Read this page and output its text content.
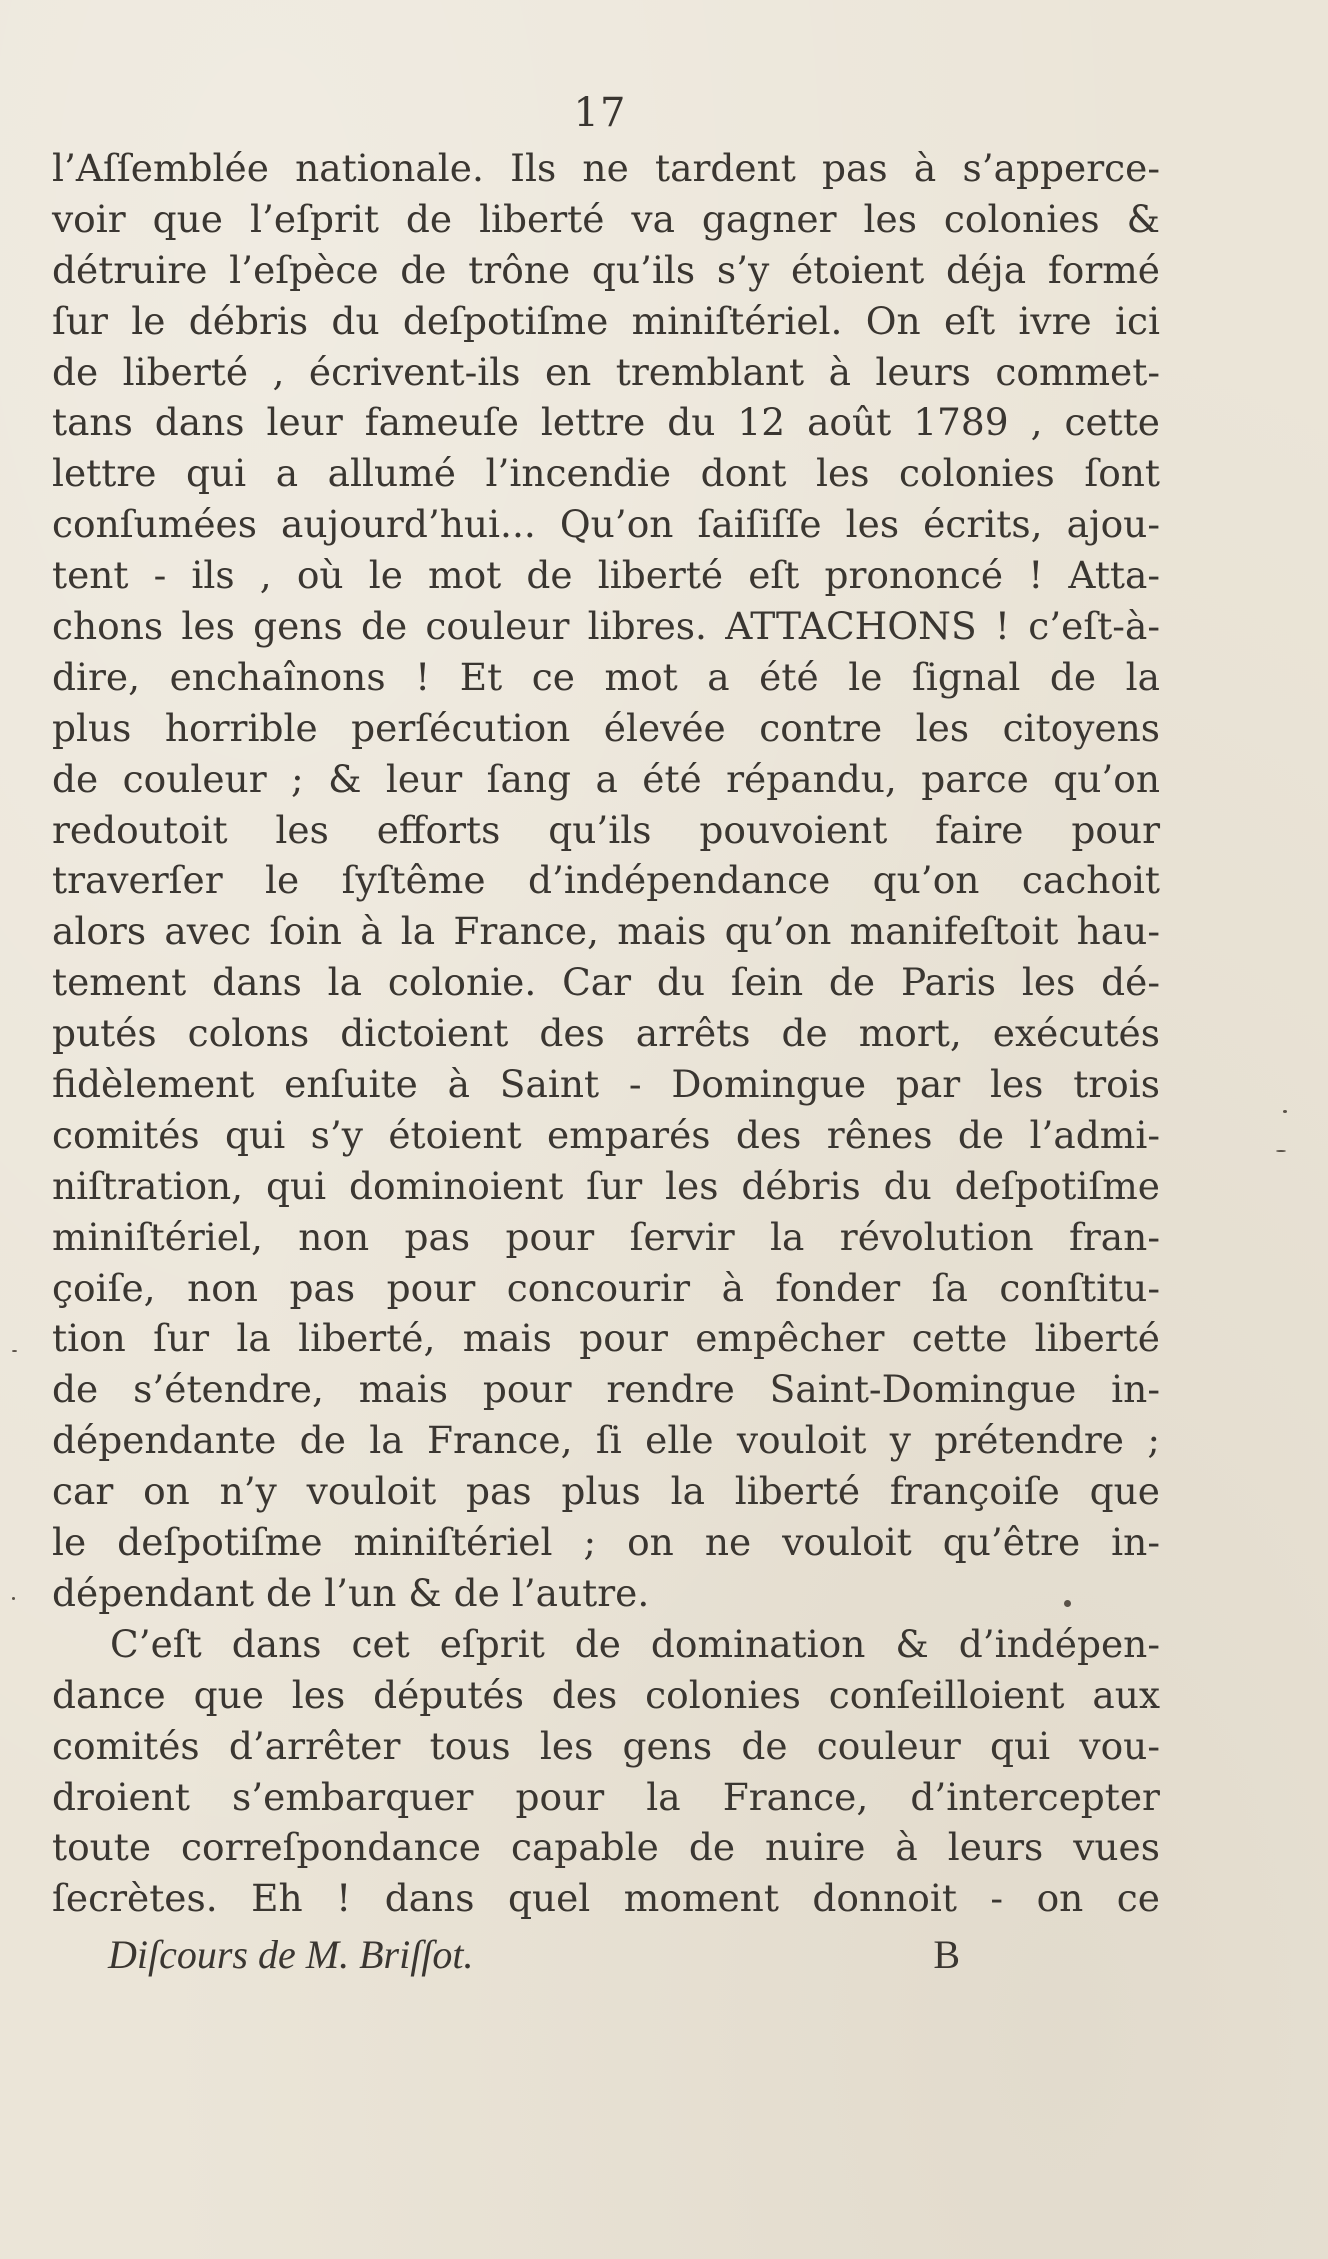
17
l’Aſſemblée nationale. Ils ne tardent pas à s’apperce-
voir que l’eſprit de liberté va gagner les colonies &
détruire l’eſpèce de trône qu’ils s’y étoient déja formé
ſur le débris du deſpotiſme miniſtériel. On eſt ivre ici
de liberté , écrivent-ils en tremblant à leurs commet-
tans dans leur fameuſe lettre du 12 août 1789 , cette
lettre qui a allumé l’incendie dont les colonies ſont
conſumées aujourd’hui... Qu’on ſaiſiſſe les écrits, ajou-
tent - ils , où le mot de liberté eſt prononcé ! Atta-
chons les gens de couleur libres. ATTACHONS ! c’eſt-à-
dire, enchaînons ! Et ce mot a été le ſignal de la
plus horrible perſécution élevée contre les citoyens
de couleur ; & leur ſang a été répandu, parce qu’on
redoutoit les efforts qu’ils pouvoient faire pour
traverſer le ſyſtême d’indépendance qu’on cachoit
alors avec ſoin à la France, mais qu’on manifeſtoit hau-
tement dans la colonie. Car du ſein de Paris les dé-
putés colons dictoient des arrêts de mort, exécutés
fidèlement enſuite à Saint - Domingue par les trois
comités qui s’y étoient emparés des rênes de l’admi-
niſtration, qui dominoient ſur les débris du deſpotiſme
miniſtériel, non pas pour ſervir la révolution fran-
çoiſe, non pas pour concourir à fonder ſa conſtitu-
tion ſur la liberté, mais pour empêcher cette liberté
de s’étendre, mais pour rendre Saint-Domingue in-
dépendante de la France, ſi elle vouloit y prétendre ;
car on n’y vouloit pas plus la liberté françoiſe que
le deſpotiſme miniſtériel ; on ne vouloit qu’être in-
dépendant de l’un & de l’autre.
C’eſt dans cet eſprit de domination & d’indépen-
dance que les députés des colonies conſeilloient aux
comités d’arrêter tous les gens de couleur qui vou-
droient s’embarquer pour la France, d’intercepter
toute correſpondance capable de nuire à leurs vues
ſecrètes. Eh ! dans quel moment donnoit - on ce
Diſcours de M. Briſſot.	B
